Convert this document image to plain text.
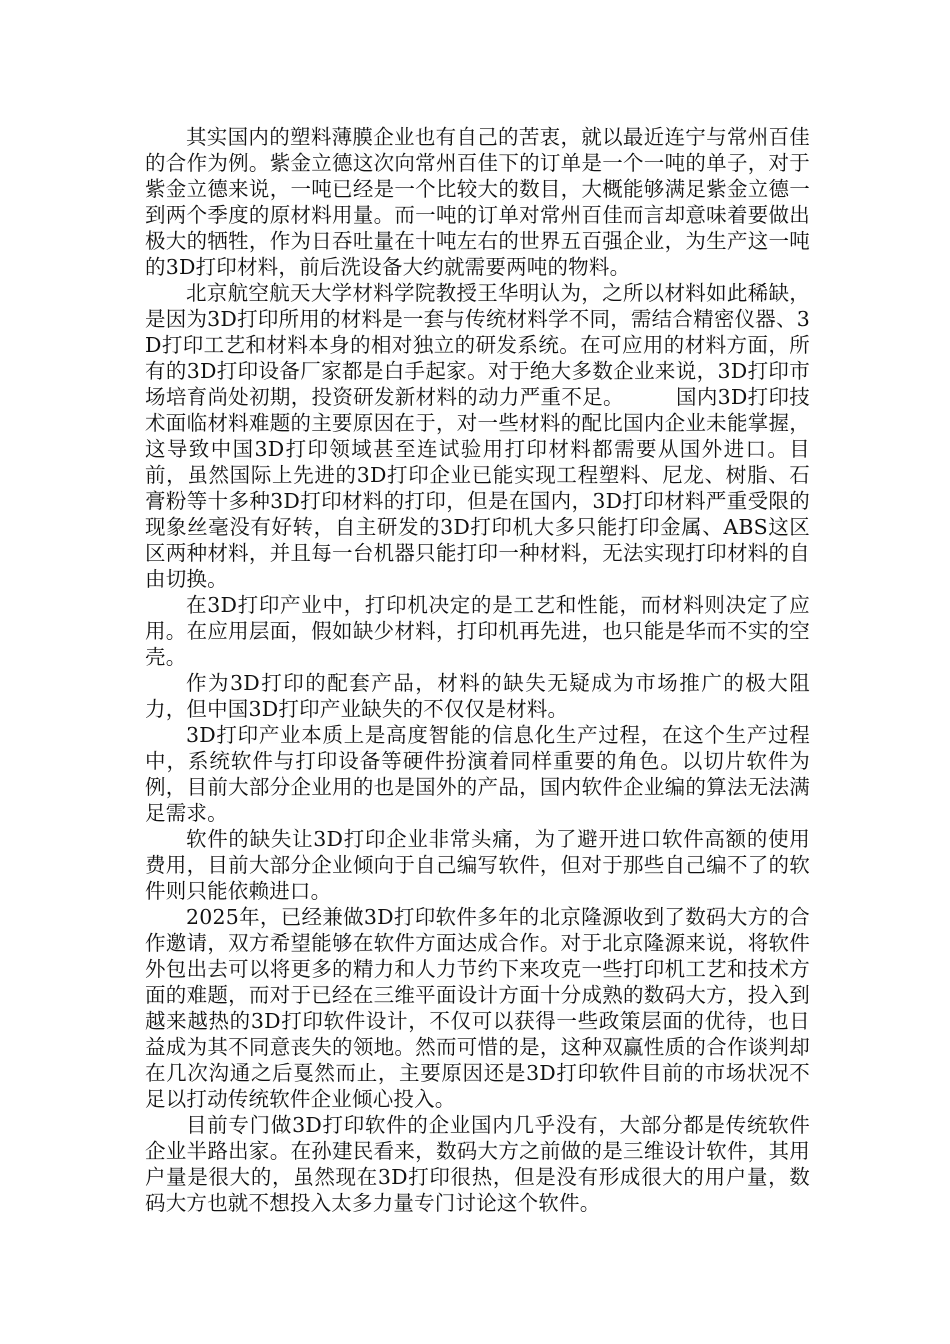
其实国内的塑料薄膜企业也有自己的苦衷，就以最近连宁与常州百佳的合作为例。紫金立德这次向常州百佳下的订单是一个一吨的单子，对于紫金立德来说，一吨已经是一个比较大的数目，大概能够满足紫金立德一到两个季度的原材料用量。而一吨的订单对常州百佳而言却意味着要做出极大的牺牲，作为日吞吐量在十吨左右的世界五百强企业，为生产这一吨的3D打印材料，前后洗设备大约就需要两吨的物料。

北京航空航天大学材料学院教授王华明认为，之所以材料如此稀缺，是因为3D打印所用的材料是一套与传统材料学不同，需结合精密仪器、3D打印工艺和材料本身的相对独立的研发系统。在可应用的材料方面，所有的3D打印设备厂家都是白手起家。对于绝大多数企业来说，3D打印市场培育尚处初期，投资研发新材料的动力严重不足。　　　国内3D打印技术面临材料难题的主要原因在于，对一些材料的配比国内企业未能掌握，这导致中国3D打印领域甚至连试验用打印材料都需要从国外进口。目前，虽然国际上先进的3D打印企业已能实现工程塑料、尼龙、树脂、石膏粉等十多种3D打印材料的打印，但是在国内，3D打印材料严重受限的现象丝毫没有好转，自主研发的3D打印机大多只能打印金属、ABS这区区两种材料，并且每一台机器只能打印一种材料，无法实现打印材料的自由切换。

在3D打印产业中，打印机决定的是工艺和性能，而材料则决定了应用。在应用层面，假如缺少材料，打印机再先进，也只能是华而不实的空壳。

作为3D打印的配套产品，材料的缺失无疑成为市场推广的极大阻力，但中国3D打印产业缺失的不仅仅是材料。

3D打印产业本质上是高度智能的信息化生产过程，在这个生产过程中，系统软件与打印设备等硬件扮演着同样重要的角色。以切片软件为例，目前大部分企业用的也是国外的产品，国内软件企业编的算法无法满足需求。

软件的缺失让3D打印企业非常头痛，为了避开进口软件高额的使用费用，目前大部分企业倾向于自己编写软件，但对于那些自己编不了的软件则只能依赖进口。

2025年，已经兼做3D打印软件多年的北京隆源收到了数码大方的合作邀请，双方希望能够在软件方面达成合作。对于北京隆源来说，将软件外包出去可以将更多的精力和人力节约下来攻克一些打印机工艺和技术方面的难题，而对于已经在三维平面设计方面十分成熟的数码大方，投入到越来越热的3D打印软件设计，不仅可以获得一些政策层面的优待，也日益成为其不同意丧失的领地。然而可惜的是，这种双赢性质的合作谈判却在几次沟通之后戛然而止，主要原因还是3D打印软件目前的市场状况不足以打动传统软件企业倾心投入。

目前专门做3D打印软件的企业国内几乎没有，大部分都是传统软件企业半路出家。在孙建民看来，数码大方之前做的是三维设计软件，其用户量是很大的，虽然现在3D打印很热，但是没有形成很大的用户量，数码大方也就不想投入太多力量专门讨论这个软件。
